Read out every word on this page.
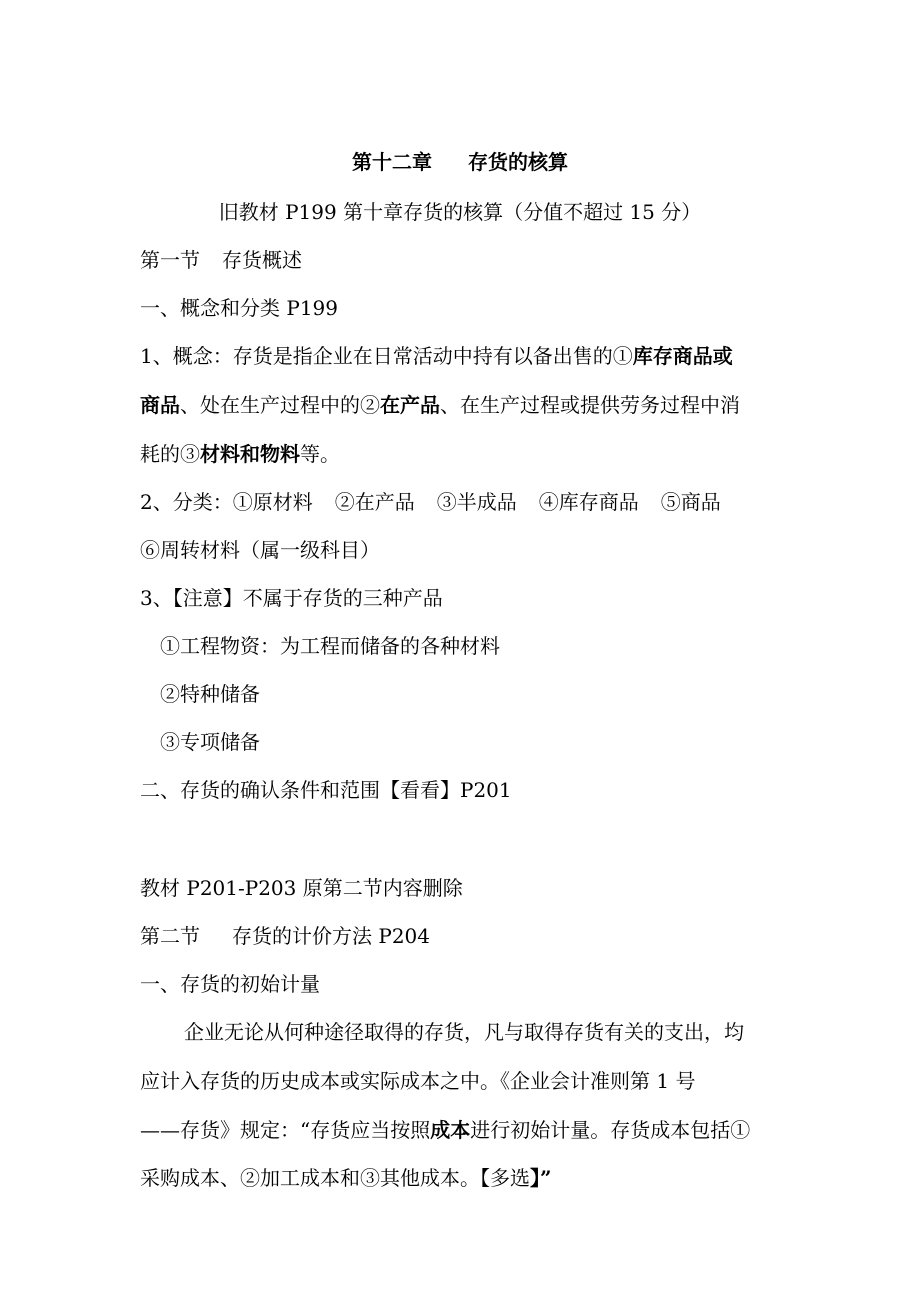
第十二章 存货的核算
旧教材 P199 第十章存货的核算（分值不超过 15 分）
第一节 存货概述
一、概念和分类 P199
1、概念：存货是指企业在日常活动中持有以备出售的①库存商品或
商品、处在生产过程中的②在产品、在生产过程或提供劳务过程中消
耗的③材料和物料等。
2、分类：①原材料 ②在产品 ③半成品 ④库存商品 ⑤商品
⑥周转材料（属一级科目）
3、【注意】不属于存货的三种产品
①工程物资：为工程而储备的各种材料
②特种储备
③专项储备
二、存货的确认条件和范围【看看】P201
教材 P201-P203 原第二节内容删除
第二节 存货的计价方法 P204
一、存货的初始计量
企业无论从何种途径取得的存货，凡与取得存货有关的支出，均
应计入存货的历史成本或实际成本之中。《企业会计准则第 1 号
——存货》规定：“存货应当按照成本进行初始计量。存货成本包括①
采购成本、②加工成本和③其他成本。【多选】”
